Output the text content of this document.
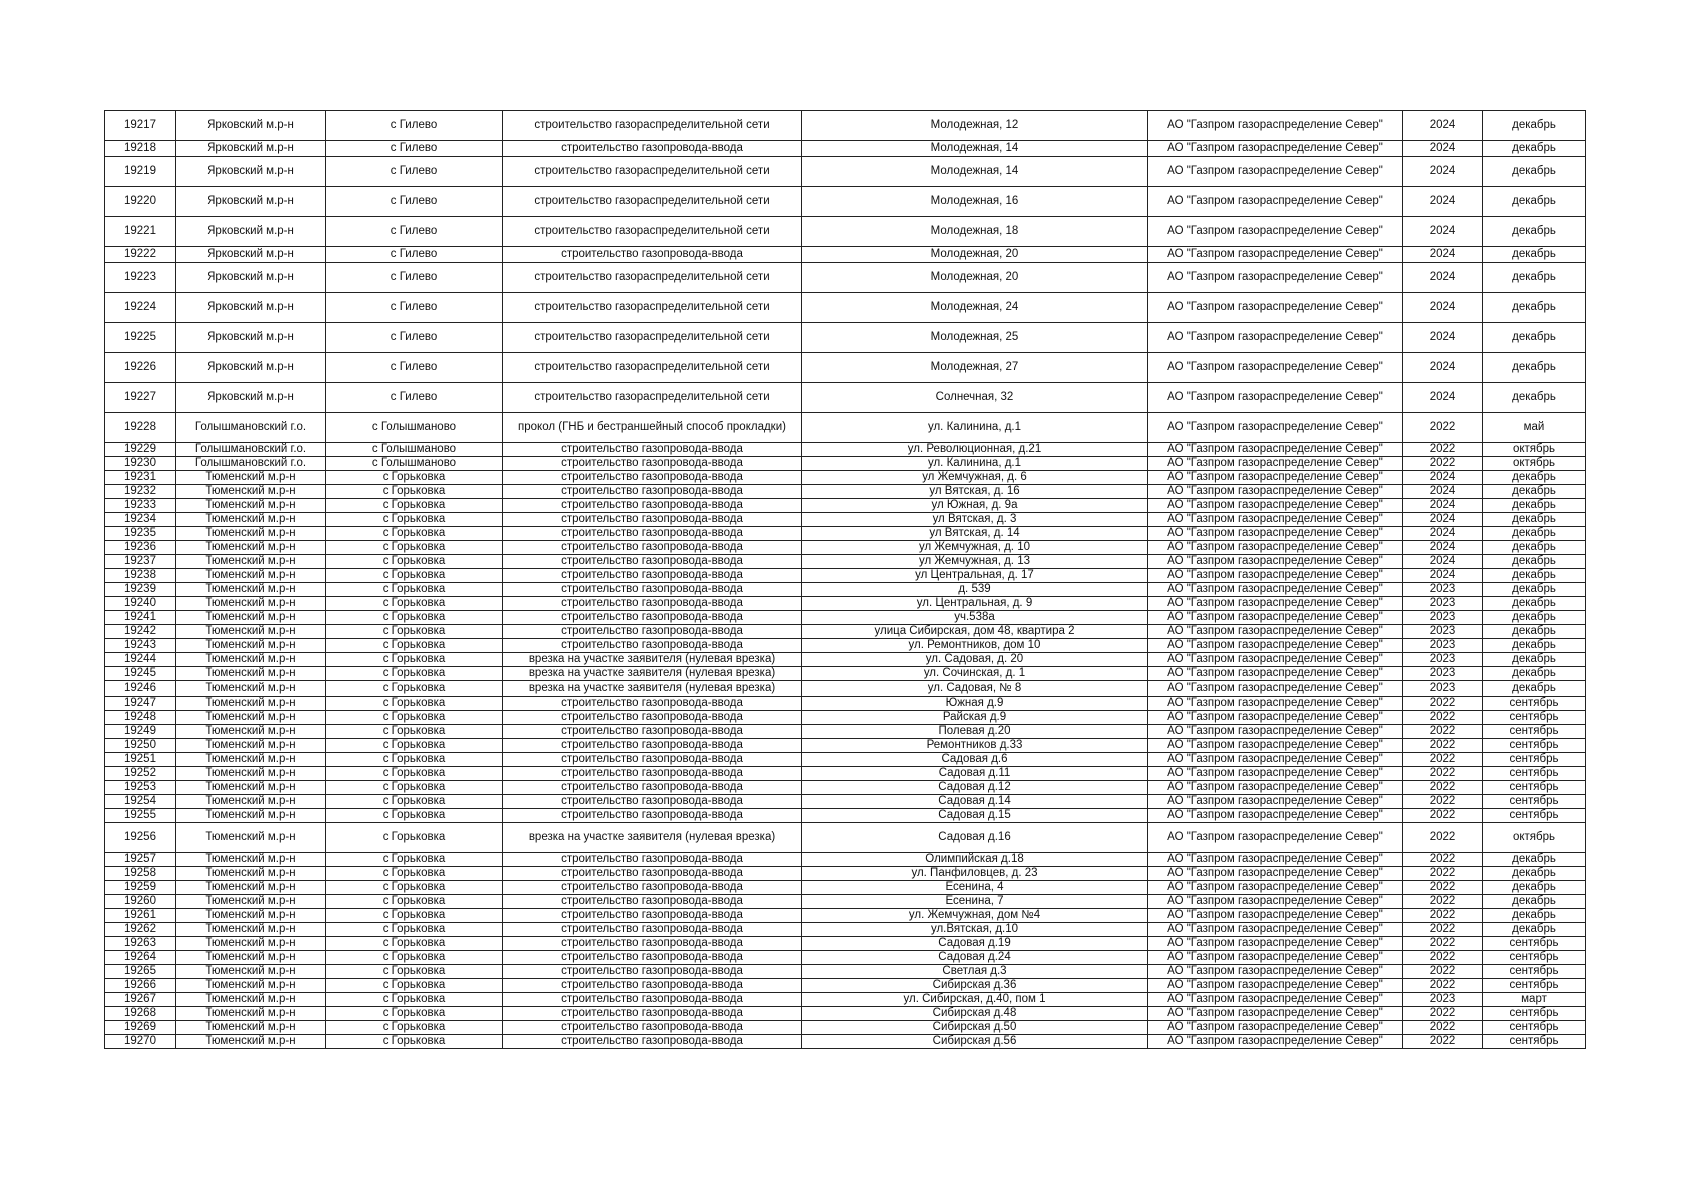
19217	Ярковский м.р-н	с Гилево	строительство газораспределительной сети	Молодежная, 12	АО "Газпром газораспределение Север"	2024	декабрь
19218	Ярковский м.р-н	с Гилево	строительство газопровода-ввода	Молодежная, 14	АО "Газпром газораспределение Север"	2024	декабрь
19219	Ярковский м.р-н	с Гилево	строительство газораспределительной сети	Молодежная, 14	АО "Газпром газораспределение Север"	2024	декабрь
19220	Ярковский м.р-н	с Гилево	строительство газораспределительной сети	Молодежная, 16	АО "Газпром газораспределение Север"	2024	декабрь
19221	Ярковский м.р-н	с Гилево	строительство газораспределительной сети	Молодежная, 18	АО "Газпром газораспределение Север"	2024	декабрь
19222	Ярковский м.р-н	с Гилево	строительство газопровода-ввода	Молодежная, 20	АО "Газпром газораспределение Север"	2024	декабрь
19223	Ярковский м.р-н	с Гилево	строительство газораспределительной сети	Молодежная, 20	АО "Газпром газораспределение Север"	2024	декабрь
19224	Ярковский м.р-н	с Гилево	строительство газораспределительной сети	Молодежная, 24	АО "Газпром газораспределение Север"	2024	декабрь
19225	Ярковский м.р-н	с Гилево	строительство газораспределительной сети	Молодежная, 25	АО "Газпром газораспределение Север"	2024	декабрь
19226	Ярковский м.р-н	с Гилево	строительство газораспределительной сети	Молодежная, 27	АО "Газпром газораспределение Север"	2024	декабрь
19227	Ярковский м.р-н	с Гилево	строительство газораспределительной сети	Солнечная, 32	АО "Газпром газораспределение Север"	2024	декабрь
19228	Голышмановский г.о.	с Голышманово	прокол (ГНБ и бестраншейный способ прокладки)	ул. Калинина, д.1	АО "Газпром газораспределение Север"	2022	май
19229	Голышмановский г.о.	с Голышманово	строительство газопровода-ввода	ул. Революционная, д.21	АО "Газпром газораспределение Север"	2022	октябрь
19230	Голышмановский г.о.	с Голышманово	строительство газопровода-ввода	ул. Калинина, д.1	АО "Газпром газораспределение Север"	2022	октябрь
19231	Тюменский м.р-н	с Горьковка	строительство газопровода-ввода	ул Жемчужная, д. 6	АО "Газпром газораспределение Север"	2024	декабрь
19232	Тюменский м.р-н	с Горьковка	строительство газопровода-ввода	ул Вятская, д. 16	АО "Газпром газораспределение Север"	2024	декабрь
19233	Тюменский м.р-н	с Горьковка	строительство газопровода-ввода	ул Южная, д. 9а	АО "Газпром газораспределение Север"	2024	декабрь
19234	Тюменский м.р-н	с Горьковка	строительство газопровода-ввода	ул Вятская, д. 3	АО "Газпром газораспределение Север"	2024	декабрь
19235	Тюменский м.р-н	с Горьковка	строительство газопровода-ввода	ул Вятская, д. 14	АО "Газпром газораспределение Север"	2024	декабрь
19236	Тюменский м.р-н	с Горьковка	строительство газопровода-ввода	ул Жемчужная, д. 10	АО "Газпром газораспределение Север"	2024	декабрь
19237	Тюменский м.р-н	с Горьковка	строительство газопровода-ввода	ул Жемчужная, д. 13	АО "Газпром газораспределение Север"	2024	декабрь
19238	Тюменский м.р-н	с Горьковка	строительство газопровода-ввода	ул Центральная, д. 17	АО "Газпром газораспределение Север"	2024	декабрь
19239	Тюменский м.р-н	с Горьковка	строительство газопровода-ввода	д. 539	АО "Газпром газораспределение Север"	2023	декабрь
19240	Тюменский м.р-н	с Горьковка	строительство газопровода-ввода	ул. Центральная, д. 9	АО "Газпром газораспределение Север"	2023	декабрь
19241	Тюменский м.р-н	с Горьковка	строительство газопровода-ввода	уч.538а	АО "Газпром газораспределение Север"	2023	декабрь
19242	Тюменский м.р-н	с Горьковка	строительство газопровода-ввода	улица Сибирская, дом 48, квартира 2	АО "Газпром газораспределение Север"	2023	декабрь
19243	Тюменский м.р-н	с Горьковка	строительство газопровода-ввода	ул. Ремонтников, дом 10	АО "Газпром газораспределение Север"	2023	декабрь
19244	Тюменский м.р-н	с Горьковка	врезка на участке заявителя (нулевая врезка)	ул. Садовая, д. 20	АО "Газпром газораспределение Север"	2023	декабрь
19245	Тюменский м.р-н	с Горьковка	врезка на участке заявителя (нулевая врезка)	ул. Сочинская, д. 1	АО "Газпром газораспределение Север"	2023	декабрь
19246	Тюменский м.р-н	с Горьковка	врезка на участке заявителя (нулевая врезка)	ул. Садовая, № 8	АО "Газпром газораспределение Север"	2023	декабрь
19247	Тюменский м.р-н	с Горьковка	строительство газопровода-ввода	Южная д.9	АО "Газпром газораспределение Север"	2022	сентябрь
19248	Тюменский м.р-н	с Горьковка	строительство газопровода-ввода	Райская д.9	АО "Газпром газораспределение Север"	2022	сентябрь
19249	Тюменский м.р-н	с Горьковка	строительство газопровода-ввода	Полевая д.20	АО "Газпром газораспределение Север"	2022	сентябрь
19250	Тюменский м.р-н	с Горьковка	строительство газопровода-ввода	Ремонтников д.33	АО "Газпром газораспределение Север"	2022	сентябрь
19251	Тюменский м.р-н	с Горьковка	строительство газопровода-ввода	Садовая д.6	АО "Газпром газораспределение Север"	2022	сентябрь
19252	Тюменский м.р-н	с Горьковка	строительство газопровода-ввода	Садовая д.11	АО "Газпром газораспределение Север"	2022	сентябрь
19253	Тюменский м.р-н	с Горьковка	строительство газопровода-ввода	Садовая д.12	АО "Газпром газораспределение Север"	2022	сентябрь
19254	Тюменский м.р-н	с Горьковка	строительство газопровода-ввода	Садовая д.14	АО "Газпром газораспределение Север"	2022	сентябрь
19255	Тюменский м.р-н	с Горьковка	строительство газопровода-ввода	Садовая д.15	АО "Газпром газораспределение Север"	2022	сентябрь
19256	Тюменский м.р-н	с Горьковка	врезка на участке заявителя (нулевая врезка)	Садовая д.16	АО "Газпром газораспределение Север"	2022	октябрь
19257	Тюменский м.р-н	с Горьковка	строительство газопровода-ввода	Олимпийская д.18	АО "Газпром газораспределение Север"	2022	декабрь
19258	Тюменский м.р-н	с Горьковка	строительство газопровода-ввода	ул. Панфиловцев, д. 23	АО "Газпром газораспределение Север"	2022	декабрь
19259	Тюменский м.р-н	с Горьковка	строительство газопровода-ввода	Есенина, 4	АО "Газпром газораспределение Север"	2022	декабрь
19260	Тюменский м.р-н	с Горьковка	строительство газопровода-ввода	Есенина, 7	АО "Газпром газораспределение Север"	2022	декабрь
19261	Тюменский м.р-н	с Горьковка	строительство газопровода-ввода	ул. Жемчужная, дом №4	АО "Газпром газораспределение Север"	2022	декабрь
19262	Тюменский м.р-н	с Горьковка	строительство газопровода-ввода	ул.Вятская, д.10	АО "Газпром газораспределение Север"	2022	декабрь
19263	Тюменский м.р-н	с Горьковка	строительство газопровода-ввода	Садовая д.19	АО "Газпром газораспределение Север"	2022	сентябрь
19264	Тюменский м.р-н	с Горьковка	строительство газопровода-ввода	Садовая д.24	АО "Газпром газораспределение Север"	2022	сентябрь
19265	Тюменский м.р-н	с Горьковка	строительство газопровода-ввода	Светлая д.3	АО "Газпром газораспределение Север"	2022	сентябрь
19266	Тюменский м.р-н	с Горьковка	строительство газопровода-ввода	Сибирская д.36	АО "Газпром газораспределение Север"	2022	сентябрь
19267	Тюменский м.р-н	с Горьковка	строительство газопровода-ввода	ул. Сибирская, д.40, пом 1	АО "Газпром газораспределение Север"	2023	март
19268	Тюменский м.р-н	с Горьковка	строительство газопровода-ввода	Сибирская д.48	АО "Газпром газораспределение Север"	2022	сентябрь
19269	Тюменский м.р-н	с Горьковка	строительство газопровода-ввода	Сибирская д.50	АО "Газпром газораспределение Север"	2022	сентябрь
19270	Тюменский м.р-н	с Горьковка	строительство газопровода-ввода	Сибирская д.56	АО "Газпром газораспределение Север"	2022	сентябрь
